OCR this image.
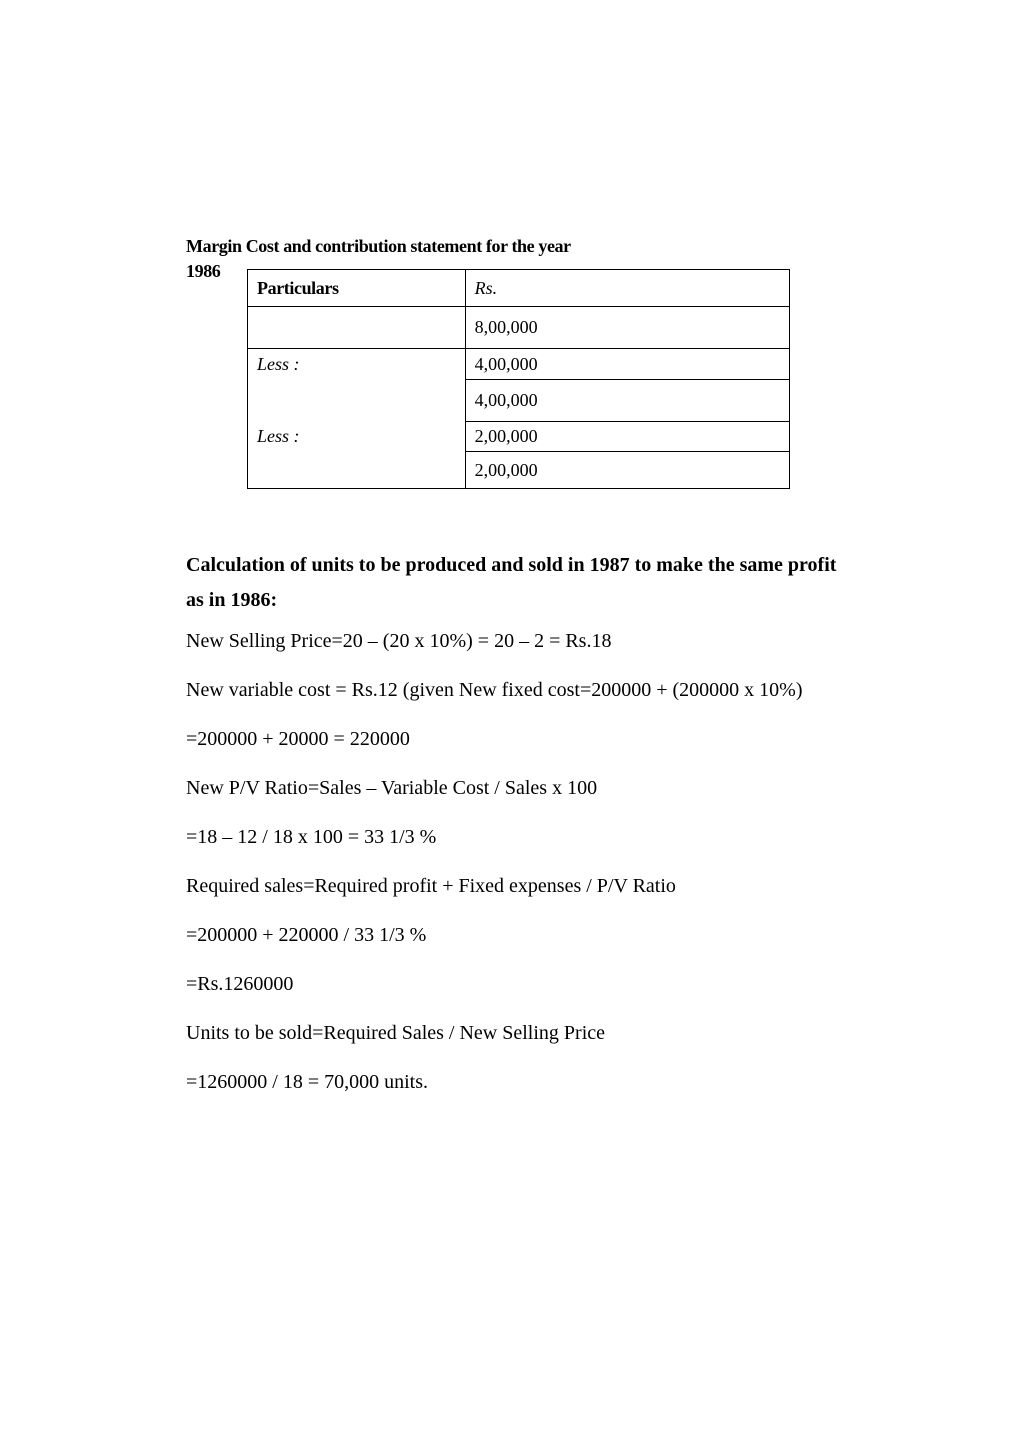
Margin Cost and contribution statement for the year
1986
Particulars	Rs.
	8,00,000
Less :	4,00,000
	4,00,000
Less :	2,00,000
	2,00,000

Calculation of units to be produced and sold in 1987 to make the same profit as in 1986:

New Selling Price=20 – (20 x 10%) = 20 – 2 = Rs.18

New variable cost = Rs.12 (given New fixed cost=200000 + (200000 x 10%)

=200000 + 20000 = 220000

New P/V Ratio=Sales – Variable Cost / Sales x 100

=18 – 12 / 18 x 100 = 33 1/3 %

Required sales=Required profit + Fixed expenses / P/V Ratio

=200000 + 220000 / 33 1/3 %

=Rs.1260000

Units to be sold=Required Sales / New Selling Price

=1260000 / 18 = 70,000 units.
